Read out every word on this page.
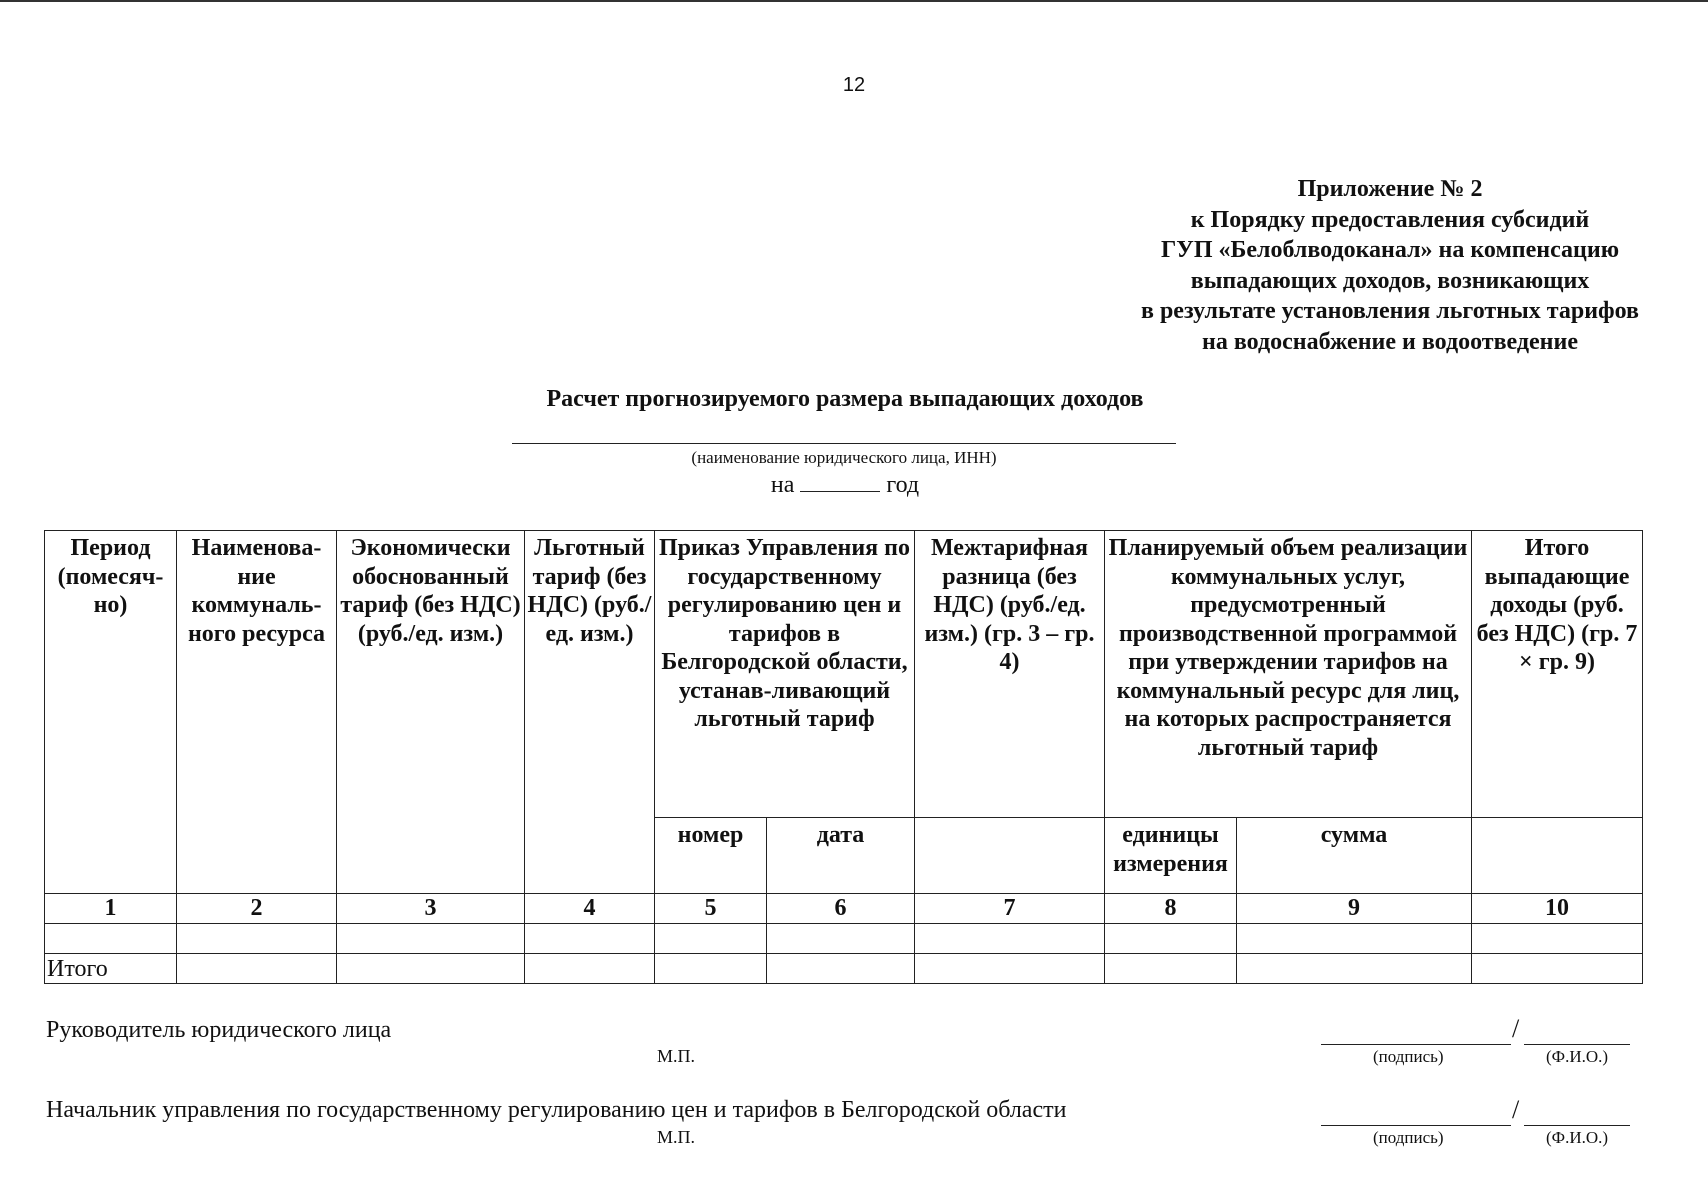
12
Приложение № 2
к Порядку предоставления субсидий
ГУП «Белоблводоканал» на компенсацию
выпадающих доходов, возникающих
в результате установления льготных тарифов
на водоснабжение и водоотведение
Расчет прогнозируемого размера выпадающих доходов
(наименование юридического лица, ИНН)
на	год
Период (помесяч-но)	Наименова-ние коммуналь-ного ресурса	Экономически обоснованный тариф (без НДС) (руб./ед. изм.)	Льготный тариф (без НДС) (руб./ед. изм.)	Приказ Управления по государственному регулированию цен и тарифов в Белгородской области, устанав-ливающий льготный тариф		Межтарифная разница (без НДС) (руб./ед. изм.) (гр. 3 – гр. 4)	Планируемый объем реализации коммунальных услуг, предусмотренный производственной программой при утверждении тарифов на коммунальный ресурс для лиц, на которых распространяется льготный тариф		Итого выпадающие доходы (руб. без НДС) (гр. 7 × гр. 9)
				номер	дата		единицы измерения	сумма	
1	2	3	4	5	6	7	8	9	10

Итого									
Руководитель юридического лица
М.П.
/
(подпись)	(Ф.И.О.)
Начальник управления по государственному регулированию цен и тарифов в Белгородской области
М.П.
/
(подпись)	(Ф.И.О.)
